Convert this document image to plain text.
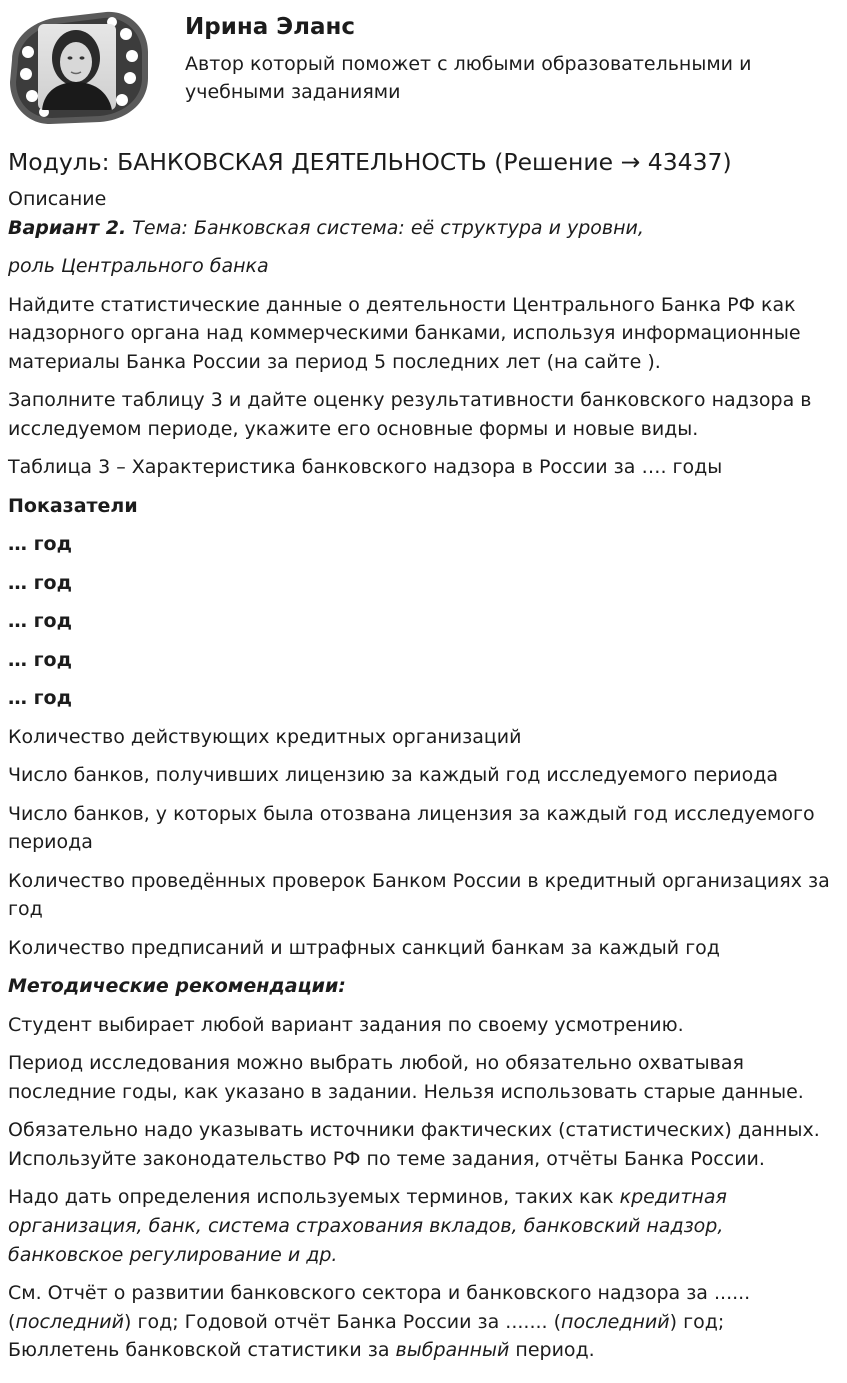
Ирина Эланс
Автор который поможет с любыми образовательными и учебными заданиями
Модуль: БАНКОВСКАЯ ДЕЯТЕЛЬНОСТЬ (Решение → 43437)

Описание

Вариант 2. Тема: Банковская система: её структура и уровни,

роль Центрального банка

Найдите статистические данные о деятельности Центрального Банка РФ как надзорного органа над коммерческими банками, используя информационные материалы Банка России за период 5 последних лет (на сайте ).

Заполните таблицу 3 и дайте оценку результативности банковского надзора в исследуемом периоде, укажите его основные формы и новые виды.

Таблица 3 – Характеристика банковского надзора в России за …. годы

Показатели

… год

… год

… год

… год

… год

Количество действующих кредитных организаций

Число банков, получивших лицензию за каждый год исследуемого периода

Число банков, у которых была отозвана лицензия за каждый год исследуемого периода

Количество проведённых проверок Банком России в кредитный организациях за год

Количество предписаний и штрафных санкций банкам за каждый год

Методические рекомендации:

Студент выбирает любой вариант задания по своему усмотрению.

Период исследования можно выбрать любой, но обязательно охватывая последние годы, как указано в задании. Нельзя использовать старые данные.

Обязательно надо указывать источники фактических (статистических) данных. Используйте законодательство РФ по теме задания, отчёты Банка России.

Надо дать определения используемых терминов, таких как кредитная организация, банк, система страхования вкладов, банковский надзор, банковское регулирование и др.

См. Отчёт о развитии банковского сектора и банковского надзора за ...... (последний) год; Годовой отчёт Банка России за ....... (последний) год; Бюллетень банковской статистики за выбранный период.
